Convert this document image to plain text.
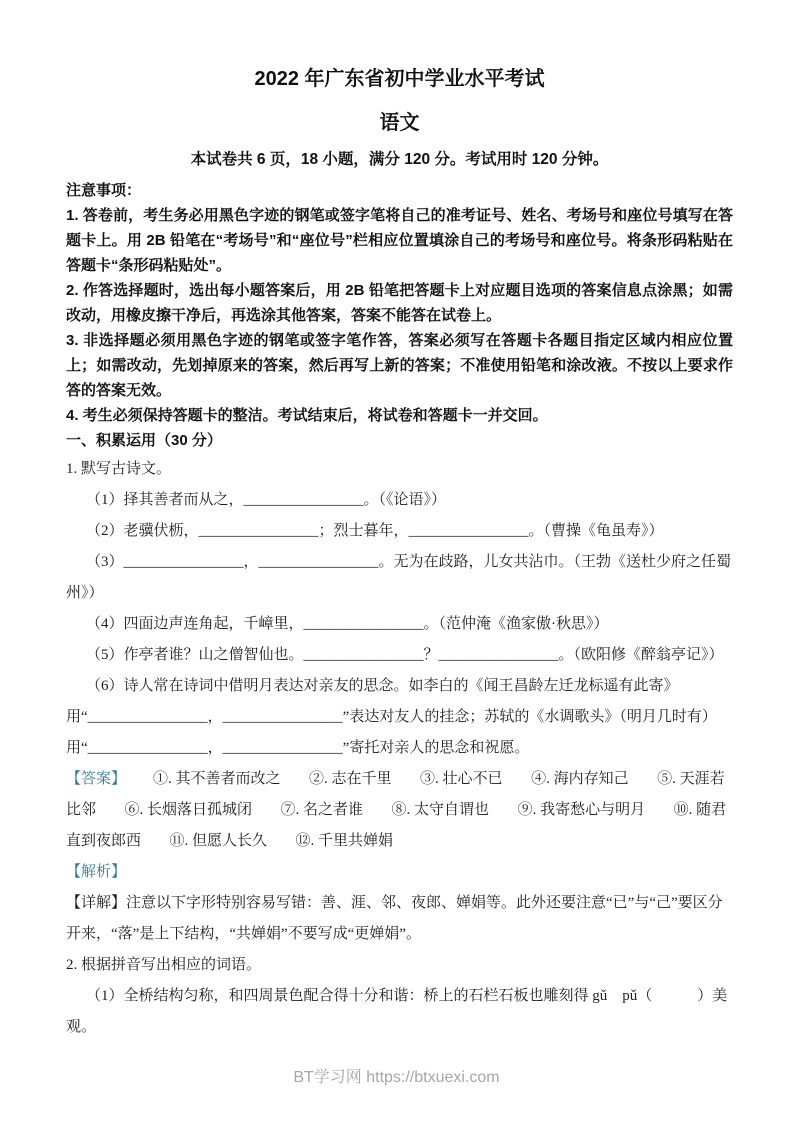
2022 年广东省初中学业水平考试
语文
本试卷共 6 页，18 小题，满分 120 分。考试用时 120 分钟。

注意事项：

1. 答卷前，考生务必用黑色字迹的钢笔或签字笔将自己的准考证号、姓名、考场号和座位号填写在答题卡上。用 2B 铅笔在“考场号”和“座位号”栏相应位置填涂自己的考场号和座位号。将条形码粘贴在答题卡“条形码粘贴处”。

2. 作答选择题时，选出每小题答案后，用 2B 铅笔把答题卡上对应题目选项的答案信息点涂黑；如需改动，用橡皮擦干净后，再选涂其他答案，答案不能答在试卷上。

3. 非选择题必须用黑色字迹的钢笔或签字笔作答，答案必须写在答题卡各题目指定区域内相应位置上；如需改动，先划掉原来的答案，然后再写上新的答案；不准使用铅笔和涂改液。不按以上要求作答的答案无效。

4. 考生必须保持答题卡的整洁。考试结束后，将试卷和答题卡一并交回。

一、积累运用（30 分）

1. 默写古诗文。

（1）择其善者而从之，________________。（《论语》）

（2）老骥伏枥，________________；烈士暮年，________________。（曹操《龟虽寿》）

（3）________________，________________。无为在歧路，儿女共沾巾。（王勃《送杜少府之任蜀州》）

（4）四面边声连角起，千嶂里，________________。（范仲淹《渔家傲·秋思》）

（5）作亭者谁？山之僧智仙也。________________？________________。（欧阳修《醉翁亭记》）

（6）诗人常在诗词中借明月表达对亲友的思念。如李白的《闻王昌龄左迁龙标遥有此寄》用“________________，________________”表达对友人的挂念；苏轼的《水调歌头》（明月几时有）用“________________，________________”寄托对亲人的思念和祝愿。

【答案】 ①. 其不善者而改之 ②. 志在千里 ③. 壮心不已 ④. 海内存知己 ⑤. 天涯若比邻 ⑥. 长烟落日孤城闭 ⑦. 名之者谁 ⑧. 太守自谓也 ⑨. 我寄愁心与明月 ⑩. 随君直到夜郎西 ⑪. 但愿人长久 ⑫. 千里共婵娟

【解析】

【详解】注意以下字形特别容易写错：善、涯、邻、夜郎、婵娟等。此外还要注意“已”与“己”要区分开来，“落”是上下结构，“共婵娟”不要写成“更婵娟”。

2. 根据拼音写出相应的词语。

（1）全桥结构匀称，和四周景色配合得十分和谐：桥上的石栏石板也雕刻得 gǔ　pǔ（　　　）美观。

BT学习网 https://btxuexi.com
